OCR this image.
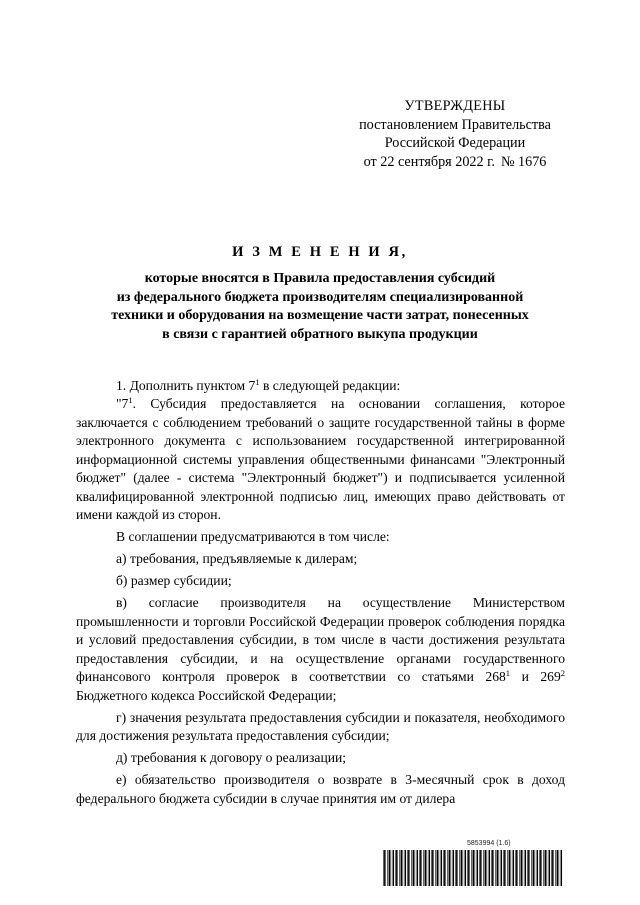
УТВЕРЖДЕНЫ
постановлением Правительства
Российской Федерации
от 22 сентября 2022 г. № 1676
И З М Е Н Е Н И Я,
которые вносятся в Правила предоставления субсидий
из федерального бюджета производителям специализированной
техники и оборудования на возмещение части затрат, понесенных
в связи с гарантией обратного выкупа продукции

1. Дополнить пунктом $7^1$ в следующей редакции:

"$7^1$. Субсидия предоставляется на основании соглашения, которое заключается с соблюдением требований о защите государственной тайны в форме электронного документа с использованием государственной интегрированной информационной системы управления общественными финансами "Электронный бюджет" (далее - система "Электронный бюджет") и подписывается усиленной квалифицированной электронной подписью лиц, имеющих право действовать от имени каждой из сторон.

В соглашении предусматриваются в том числе:

а) требования, предъявляемые к дилерам;

б) размер субсидии;

в) согласие производителя на осуществление Министерством промышленности и торговли Российской Федерации проверок соблюдения порядка и условий предоставления субсидии, в том числе в части достижения результата предоставления субсидии, и на осуществление органами государственного финансового контроля проверок в соответствии со статьями $268^1$ и $269^2$ Бюджетного кодекса Российской Федерации;

г) значения результата предоставления субсидии и показателя, необходимого для достижения результата предоставления субсидии;

д) требования к договору о реализации;

е) обязательство производителя о возврате в 3-месячный срок в доход федерального бюджета субсидии в случае принятия им от дилера

5853994 (1.6)
